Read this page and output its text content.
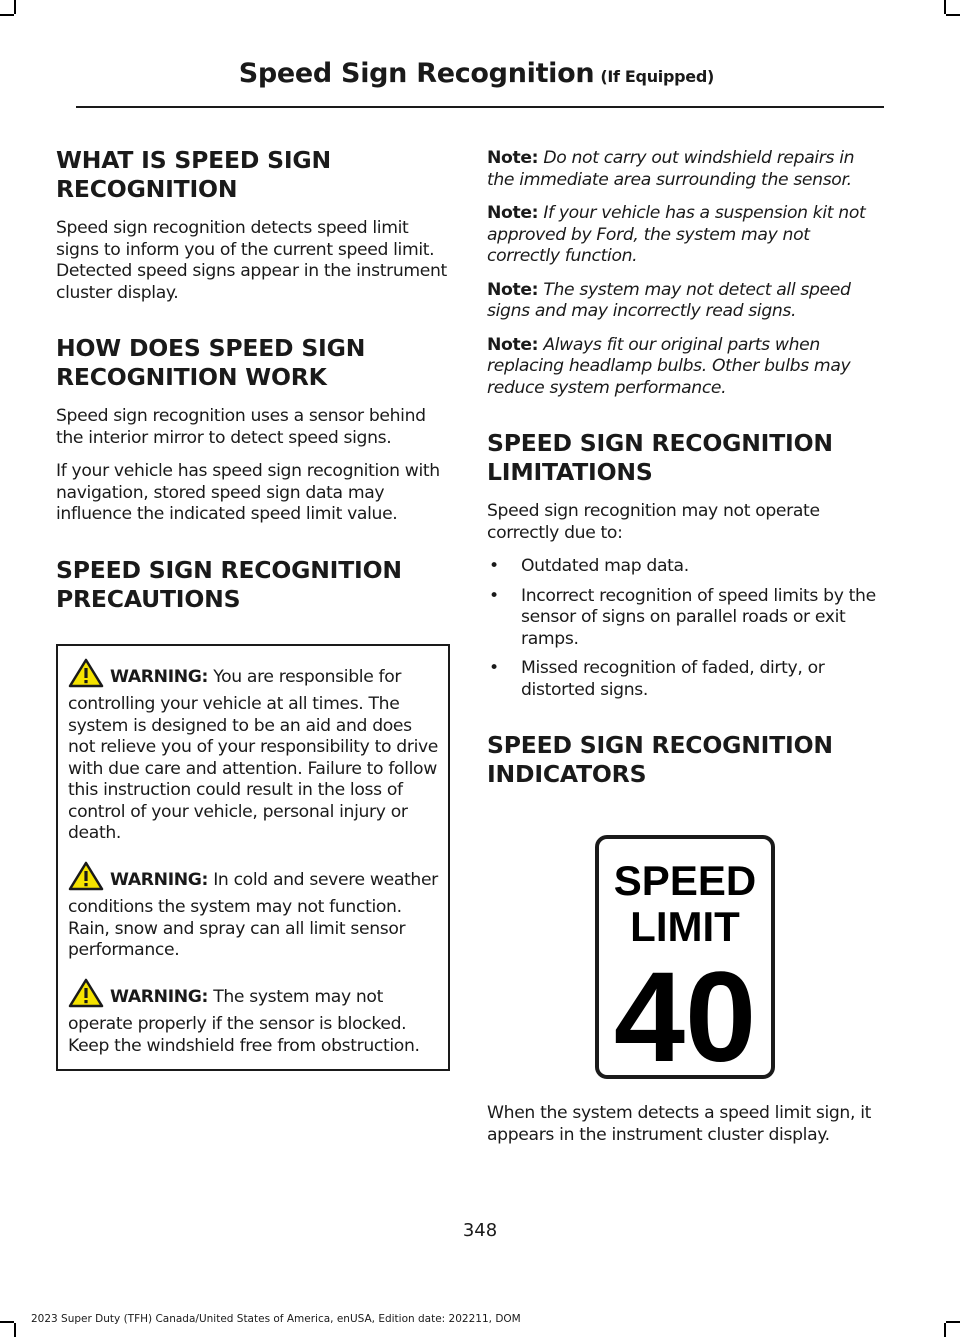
Speed Sign Recognition (If Equipped)
WHAT IS SPEED SIGN
RECOGNITION

Speed sign recognition detects speed limit signs to inform you of the current speed limit. Detected speed signs appear in the instrument cluster display.

HOW DOES SPEED SIGN
RECOGNITION WORK

Speed sign recognition uses a sensor behind the interior mirror to detect speed signs.

If your vehicle has speed sign recognition with navigation, stored speed sign data may influence the indicated speed limit value.

SPEED SIGN RECOGNITION
PRECAUTIONS

WARNING: You are responsible for controlling your vehicle at all times. The system is designed to be an aid and does not relieve you of your responsibility to drive with due care and attention. Failure to follow this instruction could result in the loss of control of your vehicle, personal injury or death.

WARNING: In cold and severe weather conditions the system may not function. Rain, snow and spray can all limit sensor performance.

WARNING: The system may not operate properly if the sensor is blocked. Keep the windshield free from obstruction.

Note: Do not carry out windshield repairs in the immediate area surrounding the sensor.

Note: If your vehicle has a suspension kit not approved by Ford, the system may not correctly function.

Note: The system may not detect all speed signs and may incorrectly read signs.

Note: Always fit our original parts when replacing headlamp bulbs. Other bulbs may reduce system performance.

SPEED SIGN RECOGNITION
LIMITATIONS

Speed sign recognition may not operate correctly due to:

• Outdated map data.
• Incorrect recognition of speed limits by the sensor of signs on parallel roads or exit ramps.
• Missed recognition of faded, dirty, or distorted signs.
SPEED SIGN RECOGNITION
INDICATORS
SPEED
LIMIT
40

When the system detects a speed limit sign, it appears in the instrument cluster display.

348
2023 Super Duty (TFH) Canada/United States of America, enUSA, Edition date: 202211, DOM
